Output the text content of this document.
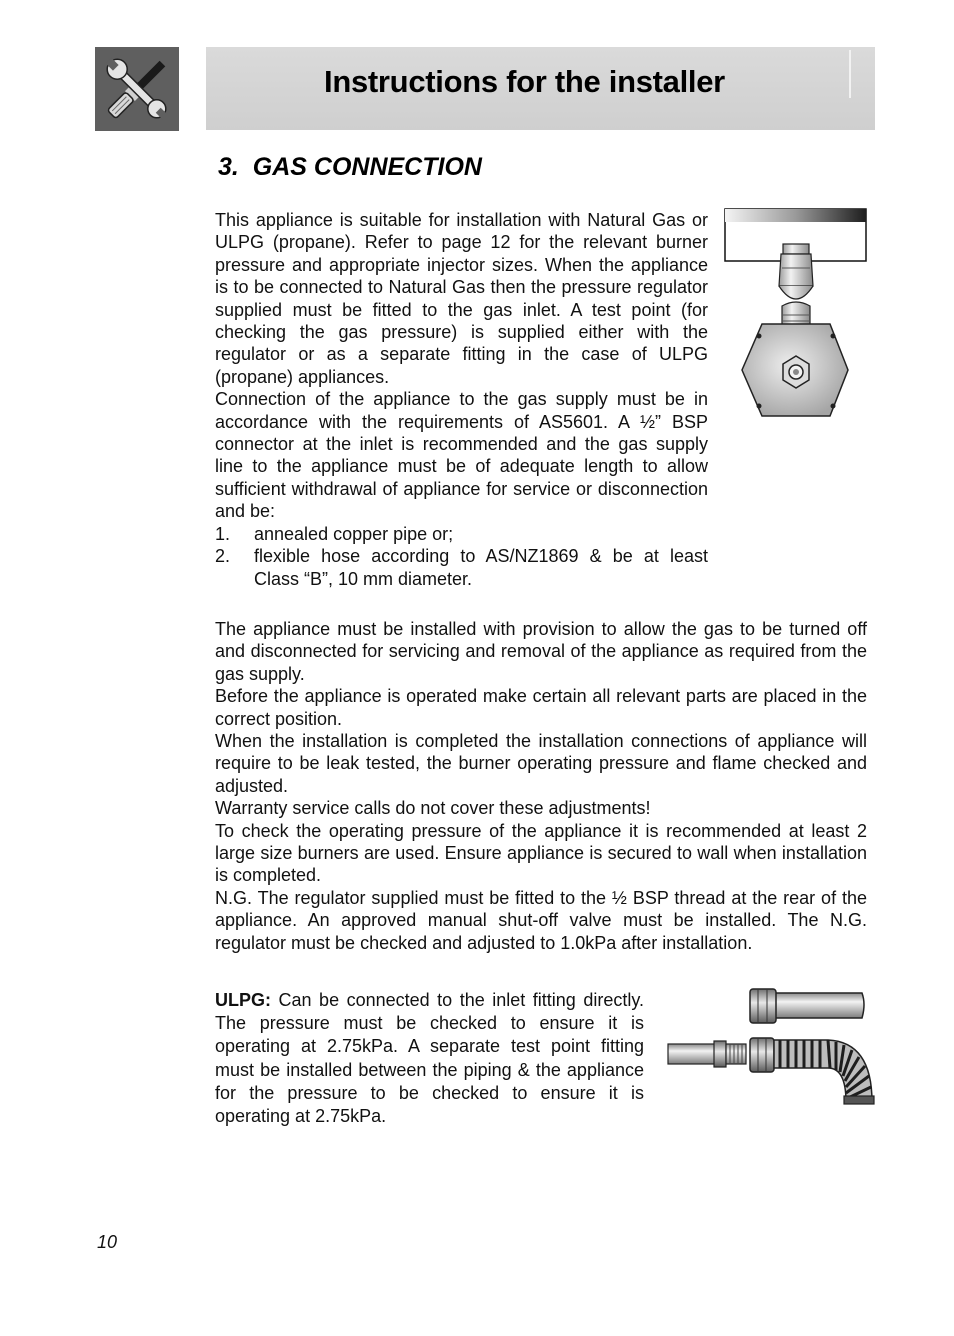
Instructions for the installer
3. GAS CONNECTION

This appliance is suitable for installation with Natural Gas or ULPG (propane). Refer to page 12 for the relevant burner pressure and appropriate injector sizes. When the appliance is to be connected to Natural Gas then the pressure regulator supplied must be fitted to the gas inlet. A test point (for checking the gas pressure) is supplied either with the regulator or as a separate fitting in the case of ULPG (propane) appliances.

Connection of the appliance to the gas supply must be in accordance with the requirements of AS5601. A ½” BSP connector at the inlet is recommended and the gas supply line to the appliance must be of adequate length to allow sufficient withdrawal of appliance for service or disconnection and be:

1.	annealed copper pipe or;
2.	flexible hose according to AS/NZ1869 & be at least Class “B”, 10 mm diameter.

The appliance must be installed with provision to allow the gas to be turned off and disconnected for servicing and removal of the appliance as required from the gas supply.

Before the appliance is operated make certain all relevant parts are placed in the correct position.

When the installation is completed the installation connections of appliance will require to be leak tested, the burner operating pressure and flame checked and adjusted.

Warranty service calls do not cover these adjustments!

To check the operating pressure of the appliance it is recommended at least 2 large size burners are used. Ensure appliance is secured to wall when installation is completed.

N.G. The regulator supplied must be fitted to the ½ BSP thread at the rear of the appliance. An approved manual shut-off valve must be installed. The N.G. regulator must be checked and adjusted to 1.0kPa after installation.

ULPG: Can be connected to the inlet fitting directly. The pressure must be checked to ensure it is operating at 2.75kPa. A separate test point fitting must be installed between the piping & the appliance for the pressure to be checked to ensure it is operating at 2.75kPa.
10
